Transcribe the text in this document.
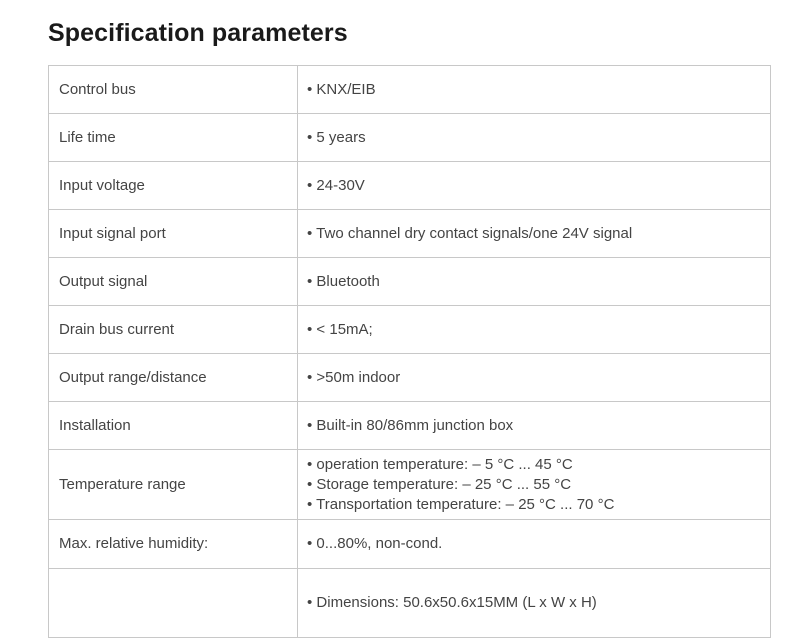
Specification parameters
Control bus	• KNX/EIB

Life time	• 5 years

Input voltage	• 24-30V

Input signal port	• Two channel dry contact signals/one 24V signal

Output signal	• Bluetooth

Drain bus current	• < 15mA;

Output range/distance	• >50m indoor

Installation	• Built-in 80/86mm junction box

Temperature range	• operation temperature: – 5 °C ... 45 °C
• Storage temperature: – 25 °C ... 55 °C
• Transportation temperature: – 25 °C ... 70 °C

Max. relative humidity:	• 0...80%, non-cond.

	• Dimensions: 50.6x50.6x15MM (L x W x H)
